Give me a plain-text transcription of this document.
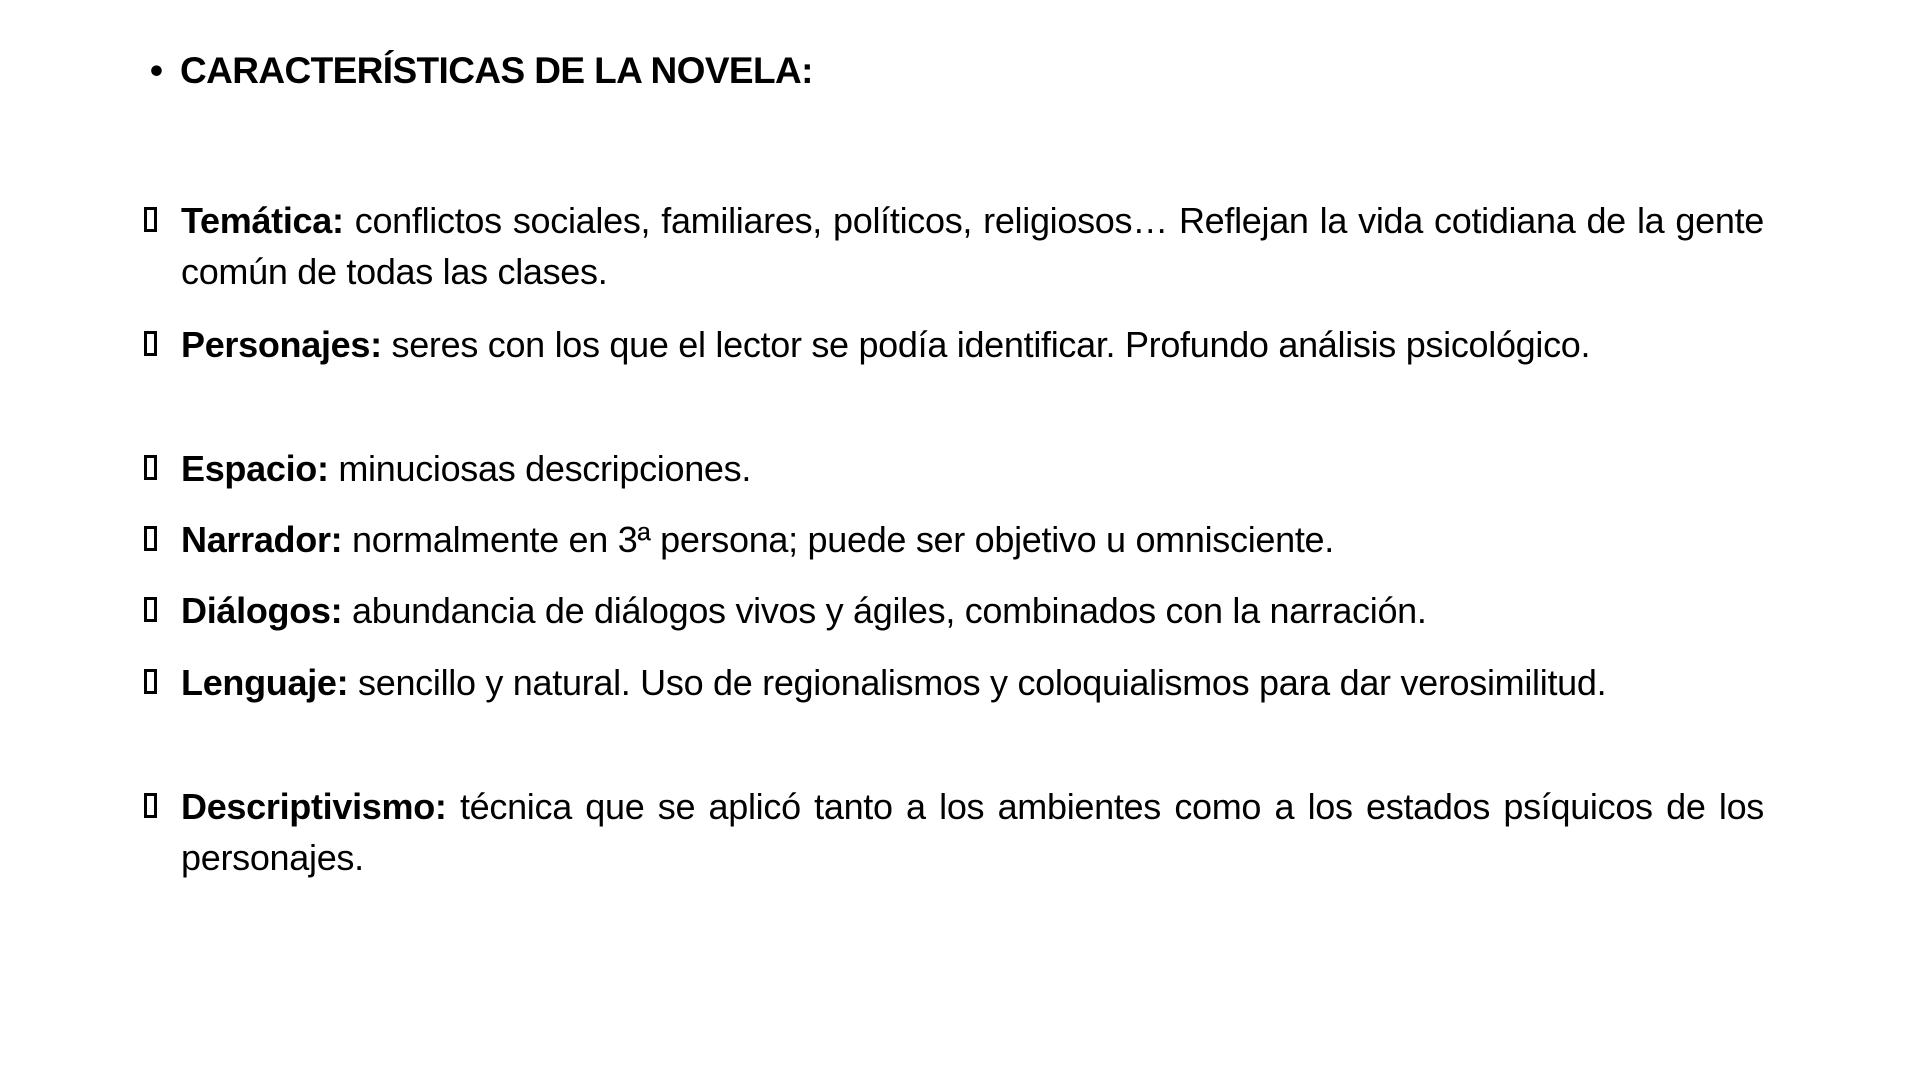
• CARACTERÍSTICAS DE LA NOVELA:
Temática: conflictos sociales, familiares, políticos, religiosos… Reflejan la vida cotidiana de la gente común de todas las clases.
Personajes: seres con los que el lector se podía identificar. Profundo análisis psicológico.
Espacio: minuciosas descripciones.
Narrador: normalmente en 3ª persona; puede ser objetivo u omnisciente.
Diálogos: abundancia de diálogos vivos y ágiles, combinados con la narración.
Lenguaje: sencillo y natural. Uso de regionalismos y coloquialismos para dar verosimilitud.
Descriptivismo: técnica que se aplicó tanto a los ambientes como a los estados psíquicos de los personajes.
